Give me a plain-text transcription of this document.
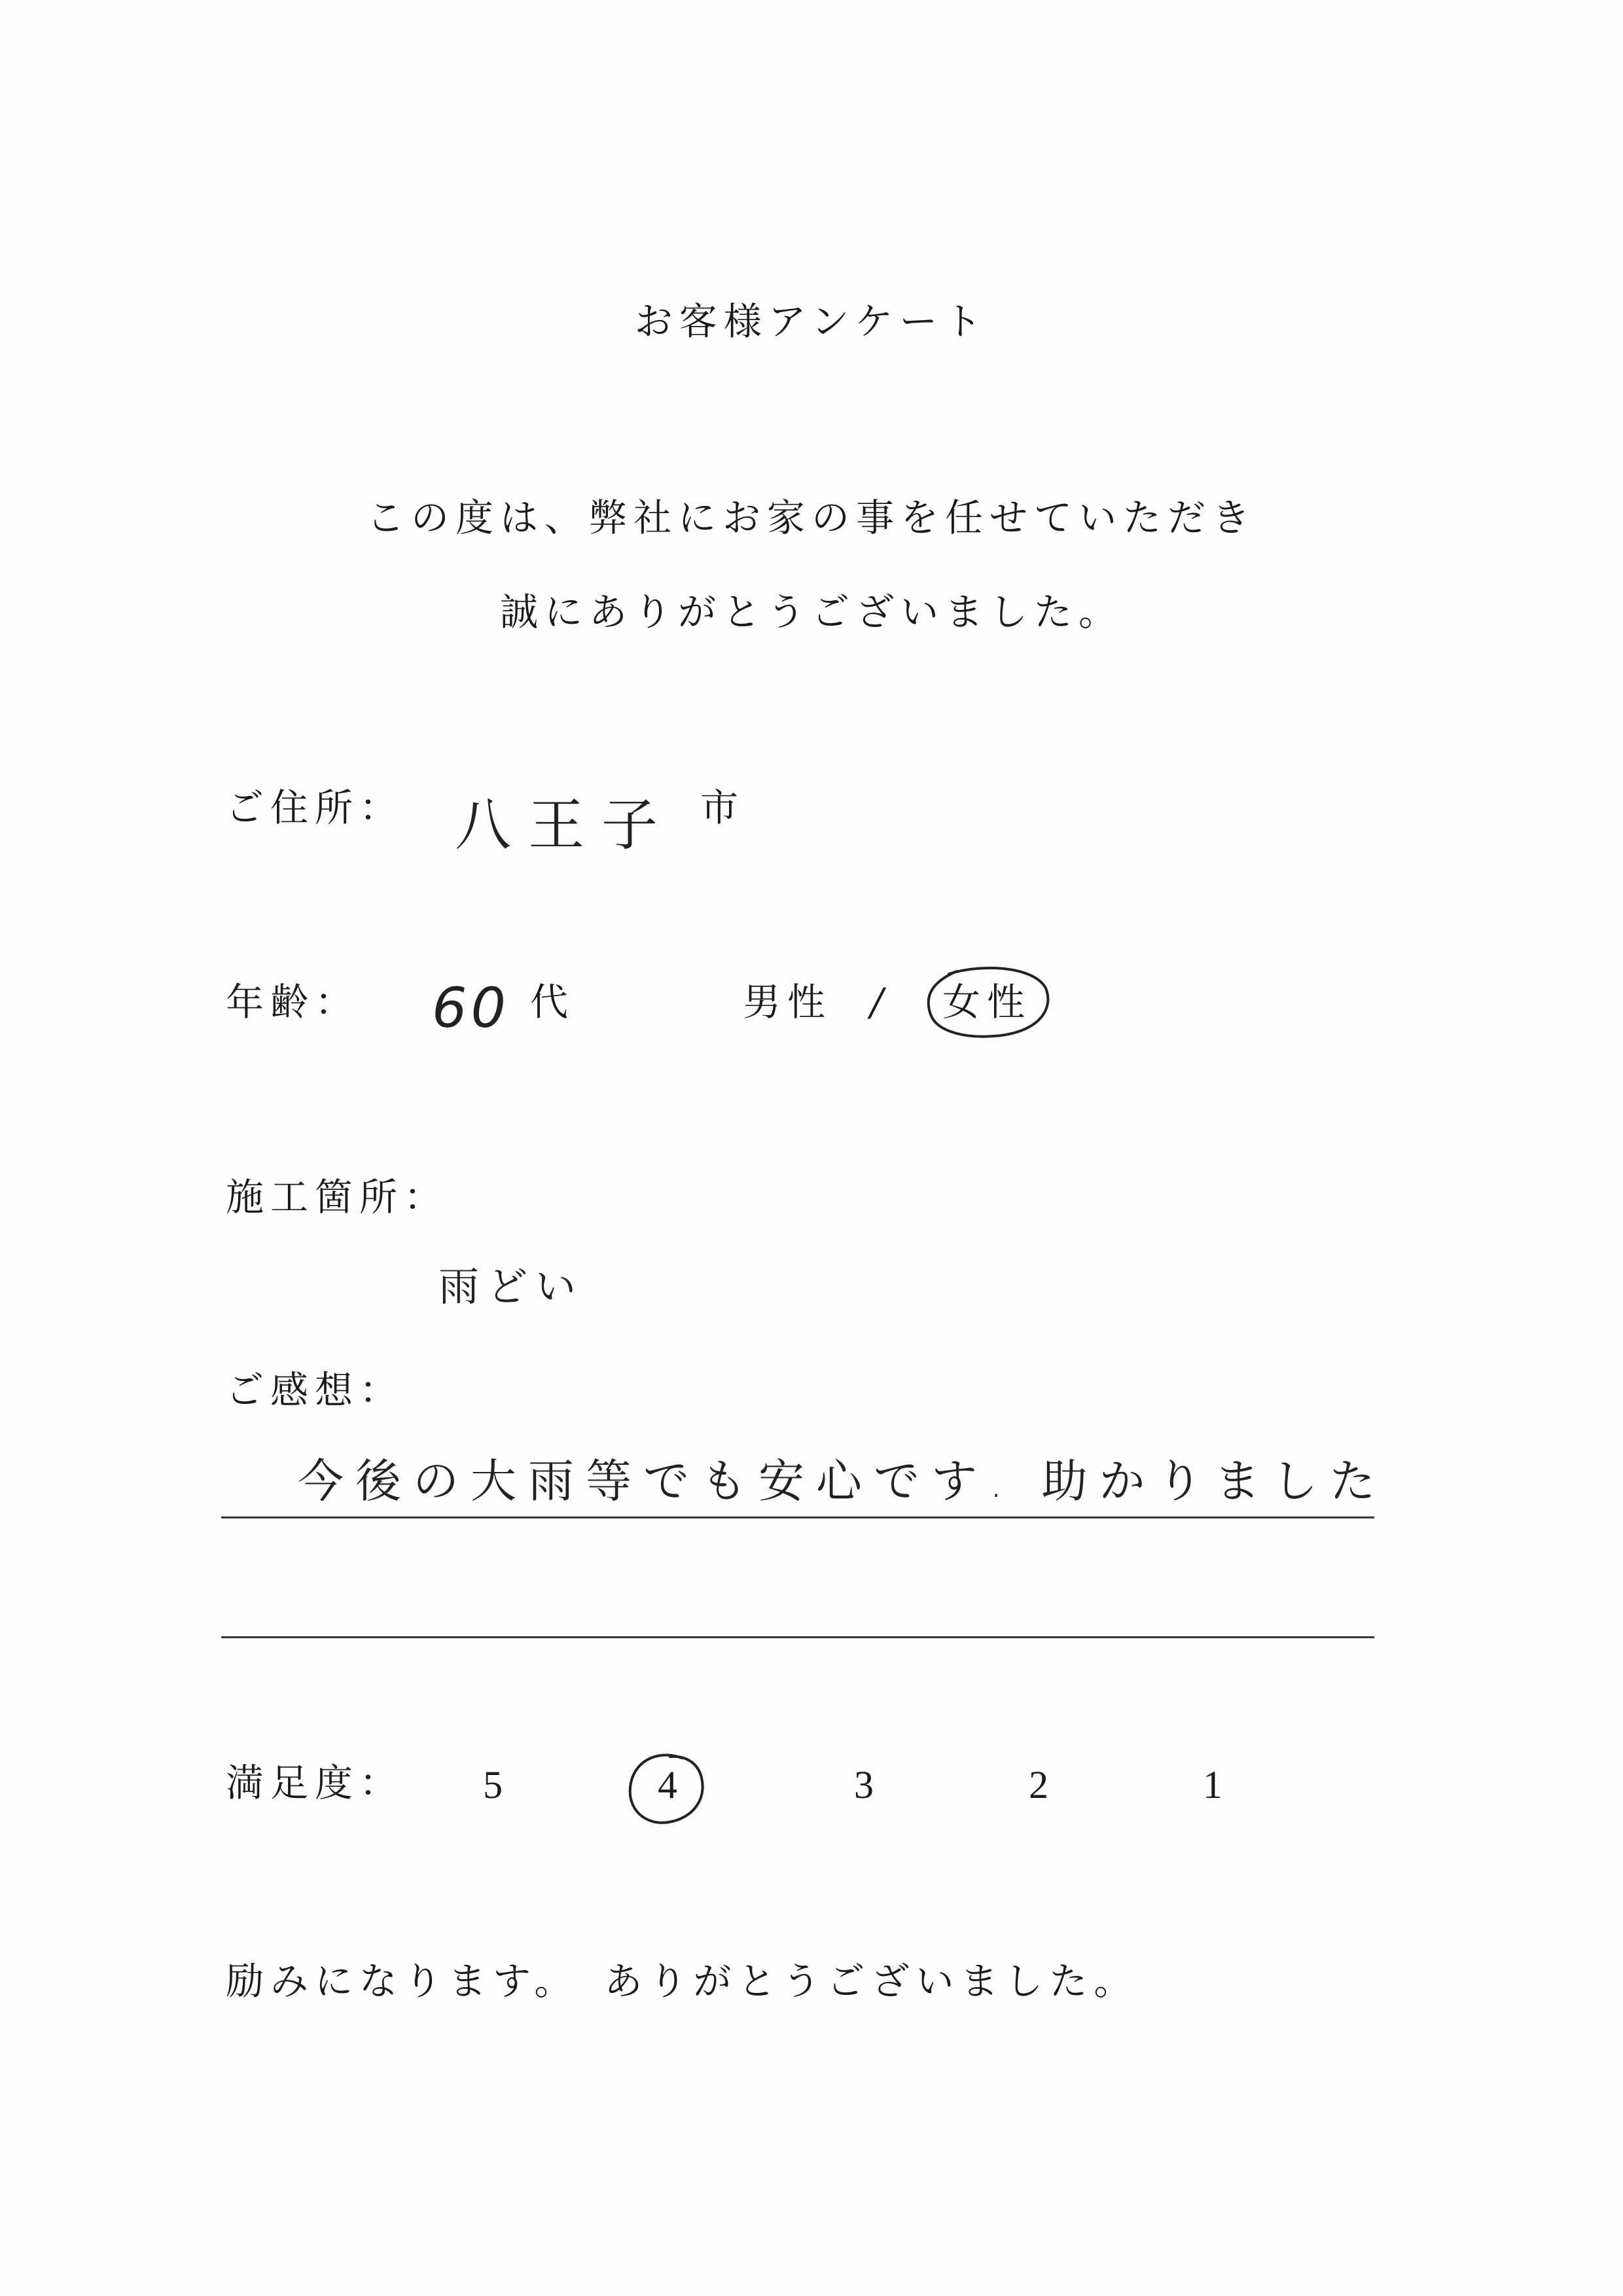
お客様アンケート
この度は、弊社にお家の事を任せていただき
誠にありがとうございました。
ご住所： 八王子 市
年齢： 60 代	男性 / 女性
施工箇所：
雨どい
ご感想：
今後の大雨等でも安心です. 助かりました
満足度： 5	4	3	2	1
励みになります。　ありがとうございました。
